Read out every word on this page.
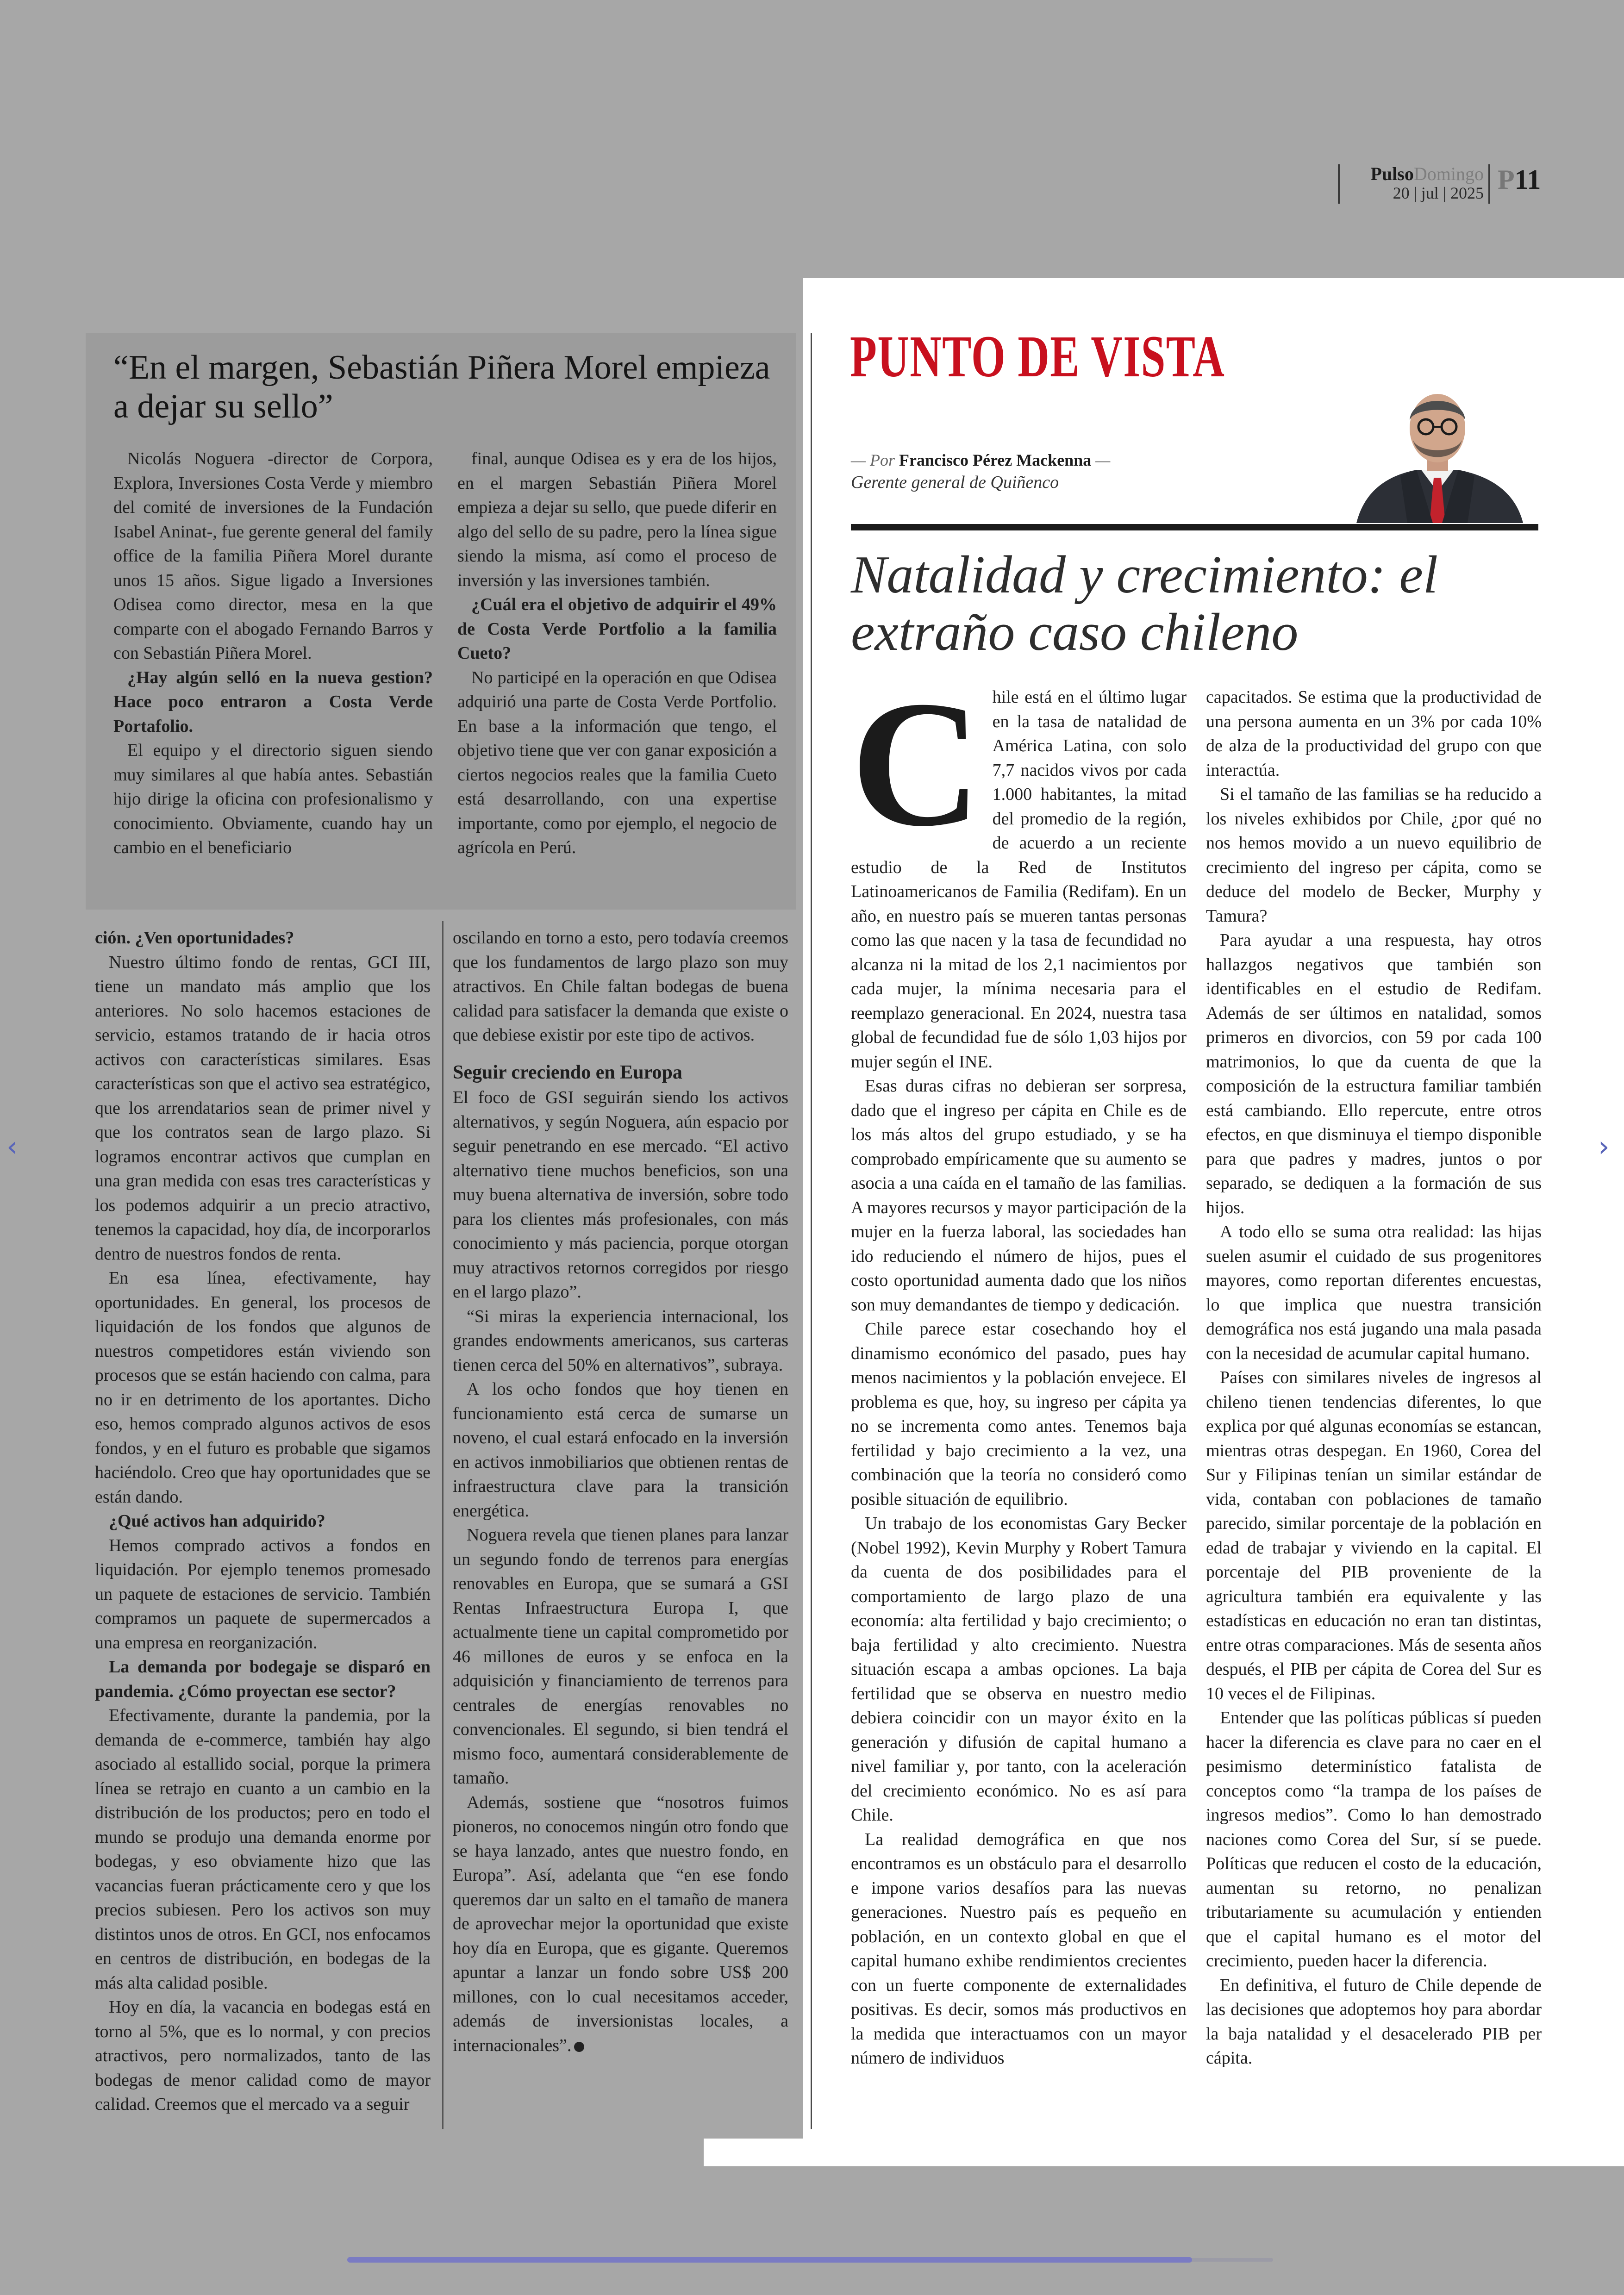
PulsoDomingo
20 | jul | 2025 P11
“En el margen, Sebastián Piñera Morel empieza a dejar su sello”

Nicolás Noguera -director de Corpora, Explora, Inversiones Costa Verde y miembro del comité de inversiones de la Fundación Isabel Aninat-, fue gerente general del family office de la familia Piñera Morel durante unos 15 años. Sigue ligado a Inversiones Odisea como director, mesa en la que comparte con el abogado Fernando Barros y con Sebastián Piñera Morel.

¿Hay algún selló en la nueva gestion? Hace poco entraron a Costa Verde Portafolio.

El equipo y el directorio siguen siendo muy similares al que había antes. Sebastián hijo dirige la oficina con profesionalismo y conocimiento. Obviamente, cuando hay un cambio en el beneficiario

final, aunque Odisea es y era de los hijos, en el margen Sebastián Piñera Morel empieza a dejar su sello, que puede diferir en algo del sello de su padre, pero la línea sigue siendo la misma, así como el proceso de inversión y las inversiones también.

¿Cuál era el objetivo de adquirir el 49% de Costa Verde Portfolio a la familia Cueto?

No participé en la operación en que Odisea adquirió una parte de Costa Verde Portfolio. En base a la información que tengo, el objetivo tiene que ver con ganar exposición a ciertos negocios reales que la familia Cueto está desarrollando, con una expertise importante, como por ejemplo, el negocio de agrícola en Perú.

ción. ¿Ven oportunidades?

Nuestro último fondo de rentas, GCI III, tiene un mandato más amplio que los anteriores. No solo hacemos estaciones de servicio, estamos tratando de ir hacia otros activos con características similares. Esas características son que el activo sea estratégico, que los arrendatarios sean de primer nivel y que los contratos sean de largo plazo. Si logramos encontrar activos que cumplan en una gran medida con esas tres características y los podemos adquirir a un precio atractivo, tenemos la capacidad, hoy día, de incorporarlos dentro de nuestros fondos de renta.

En esa línea, efectivamente, hay oportunidades. En general, los procesos de liquidación de los fondos que algunos de nuestros competidores están viviendo son procesos que se están haciendo con calma, para no ir en detrimento de los aportantes. Dicho eso, hemos comprado algunos activos de esos fondos, y en el futuro es probable que sigamos haciéndolo. Creo que hay oportunidades que se están dando.

¿Qué activos han adquirido?

Hemos comprado activos a fondos en liquidación. Por ejemplo tenemos promesado un paquete de estaciones de servicio. También compramos un paquete de supermercados a una empresa en reorganización.

La demanda por bodegaje se disparó en pandemia. ¿Cómo proyectan ese sector?

Efectivamente, durante la pandemia, por la demanda de e-commerce, también hay algo asociado al estallido social, porque la primera línea se retrajo en cuanto a un cambio en la distribución de los productos; pero en todo el mundo se produjo una demanda enorme por bodegas, y eso obviamente hizo que las vacancias fueran prácticamente cero y que los precios subiesen. Pero los activos son muy distintos unos de otros. En GCI, nos enfocamos en centros de distribución, en bodegas de la más alta calidad posible.

Hoy en día, la vacancia en bodegas está en torno al 5%, que es lo normal, y con precios atractivos, pero normalizados, tanto de las bodegas de menor calidad como de mayor calidad. Creemos que el mercado va a seguir

oscilando en torno a esto, pero todavía creemos que los fundamentos de largo plazo son muy atractivos. En Chile faltan bodegas de buena calidad para satisfacer la demanda que existe o que debiese existir por este tipo de activos.

Seguir creciendo en Europa

El foco de GSI seguirán siendo los activos alternativos, y según Noguera, aún espacio por seguir penetrando en ese mercado. “El activo alternativo tiene muchos beneficios, son una muy buena alternativa de inversión, sobre todo para los clientes más profesionales, con más conocimiento y más paciencia, porque otorgan muy atractivos retornos corregidos por riesgo en el largo plazo”.

“Si miras la experiencia internacional, los grandes endowments americanos, sus carteras tienen cerca del 50% en alternativos”, subraya.

A los ocho fondos que hoy tienen en funcionamiento está cerca de sumarse un noveno, el cual estará enfocado en la inversión en activos inmobiliarios que obtienen rentas de infraestructura clave para la transición energética.

Noguera revela que tienen planes para lanzar un segundo fondo de terrenos para energías renovables en Europa, que se sumará a GSI Rentas Infraestructura Europa I, que actualmente tiene un capital comprometido por 46 millones de euros y se enfoca en la adquisición y financiamiento de terrenos para centrales de energías renovables no convencionales. El segundo, si bien tendrá el mismo foco, aumentará considerablemente de tamaño.

Además, sostiene que “nosotros fuimos pioneros, no conocemos ningún otro fondo que se haya lanzado, antes que nuestro fondo, en Europa”. Así, adelanta que “en ese fondo queremos dar un salto en el tamaño de manera de aprovechar mejor la oportunidad que existe hoy día en Europa, que es gigante. Queremos apuntar a lanzar un fondo sobre US$ 200 millones, con lo cual necesitamos acceder, además de inversionistas locales, a internacionales”.

PUNTO DE VISTA
— Por Francisco Pérez Mackenna —
Gerente general de Quiñenco
Natalidad y crecimiento: el extraño caso chileno
C hile está en el último lugar en la tasa de natalidad de América Latina, con solo 7,7 nacidos vivos por cada 1.000 habitantes, la mitad del promedio de la región, de acuerdo a un reciente estudio de la Red de Institutos Latinoamericanos de Familia (Redifam). En un año, en nuestro país se mueren tantas personas como las que nacen y la tasa de fecundidad no alcanza ni la mitad de los 2,1 nacimientos por cada mujer, la mínima necesaria para el reemplazo generacional. En 2024, nuestra tasa global de fecundidad fue de sólo 1,03 hijos por mujer según el INE.

Esas duras cifras no debieran ser sorpresa, dado que el ingreso per cápita en Chile es de los más altos del grupo estudiado, y se ha comprobado empíricamente que su aumento se asocia a una caída en el tamaño de las familias. A mayores recursos y mayor participación de la mujer en la fuerza laboral, las sociedades han ido reduciendo el número de hijos, pues el costo oportunidad aumenta dado que los niños son muy demandantes de tiempo y dedicación.

Chile parece estar cosechando hoy el dinamismo económico del pasado, pues hay menos nacimientos y la población envejece. El problema es que, hoy, su ingreso per cápita ya no se incrementa como antes. Tenemos baja fertilidad y bajo crecimiento a la vez, una combinación que la teoría no consideró como posible situación de equilibrio.

Un trabajo de los economistas Gary Becker (Nobel 1992), Kevin Murphy y Robert Tamura da cuenta de dos posibilidades para el comportamiento de largo plazo de una economía: alta fertilidad y bajo crecimiento; o baja fertilidad y alto crecimiento. Nuestra situación escapa a ambas opciones. La baja fertilidad que se observa en nuestro medio debiera coincidir con un mayor éxito en la generación y difusión de capital humano a nivel familiar y, por tanto, con la aceleración del crecimiento económico. No es así para Chile.

La realidad demográfica en que nos encontramos es un obstáculo para el desarrollo e impone varios desafíos para las nuevas generaciones. Nuestro país es pequeño en población, en un contexto global en que el capital humano exhibe rendimientos crecientes con un fuerte componente de externalidades positivas. Es decir, somos más productivos en la medida que interactuamos con un mayor número de individuos

capacitados. Se estima que la productividad de una persona aumenta en un 3% por cada 10% de alza de la productividad del grupo con que interactúa.

Si el tamaño de las familias se ha reducido a los niveles exhibidos por Chile, ¿por qué no nos hemos movido a un nuevo equilibrio de crecimiento del ingreso per cápita, como se deduce del modelo de Becker, Murphy y Tamura?

Para ayudar a una respuesta, hay otros hallazgos negativos que también son identificables en el estudio de Redifam. Además de ser últimos en natalidad, somos primeros en divorcios, con 59 por cada 100 matrimonios, lo que da cuenta de que la composición de la estructura familiar también está cambiando. Ello repercute, entre otros efectos, en que disminuya el tiempo disponible para que padres y madres, juntos o por separado, se dediquen a la formación de sus hijos.

A todo ello se suma otra realidad: las hijas suelen asumir el cuidado de sus progenitores mayores, como reportan diferentes encuestas, lo que implica que nuestra transición demográfica nos está jugando una mala pasada con la necesidad de acumular capital humano.

Países con similares niveles de ingresos al chileno tienen tendencias diferentes, lo que explica por qué algunas economías se estancan, mientras otras despegan. En 1960, Corea del Sur y Filipinas tenían un similar estándar de vida, contaban con poblaciones de tamaño parecido, similar porcentaje de la población en edad de trabajar y viviendo en la capital. El porcentaje del PIB proveniente de la agricultura también era equivalente y las estadísticas en educación no eran tan distintas, entre otras comparaciones. Más de sesenta años después, el PIB per cápita de Corea del Sur es 10 veces el de Filipinas.

Entender que las políticas públicas sí pueden hacer la diferencia es clave para no caer en el pesimismo determinístico fatalista de conceptos como “la trampa de los países de ingresos medios”. Como lo han demostrado naciones como Corea del Sur, sí se puede. Políticas que reducen el costo de la educación, aumentan su retorno, no penalizan tributariamente su acumulación y entienden que el capital humano es el motor del crecimiento, pueden hacer la diferencia.

En definitiva, el futuro de Chile depende de las decisiones que adoptemos hoy para abordar la baja natalidad y el desacelerado PIB per cápita.

‹	›
